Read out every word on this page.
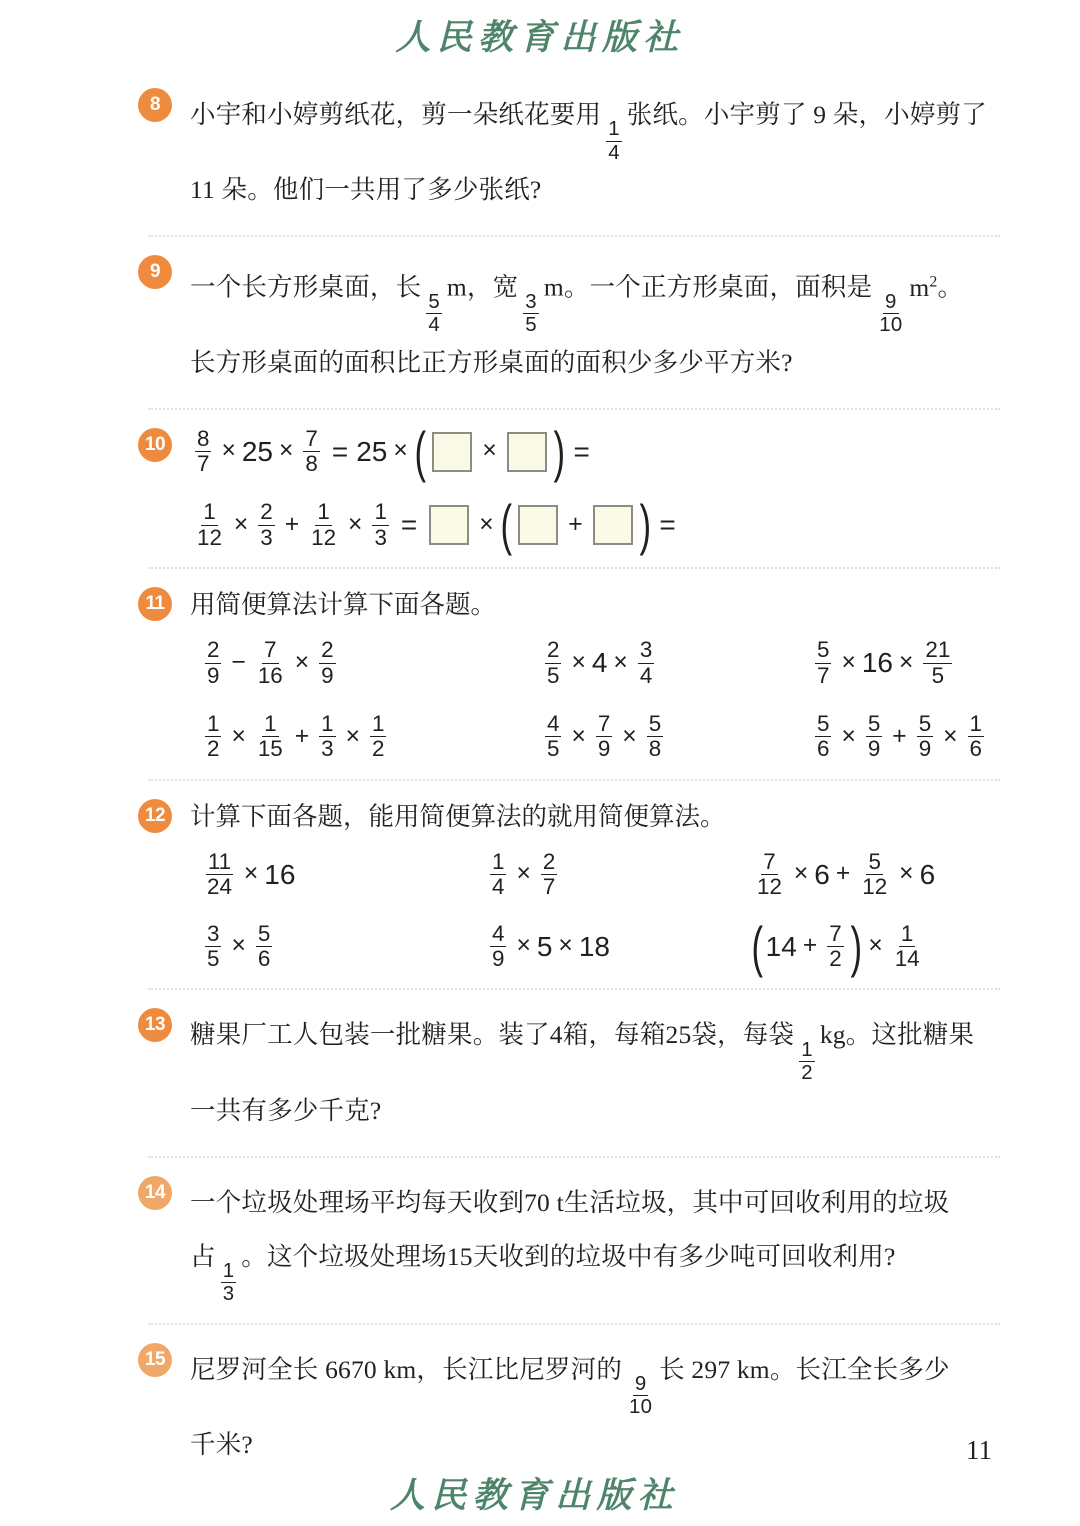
人民教育出版社
8	小宇和小婷剪纸花，剪一朵纸花要用
$\frac{1}{4}$
张纸。小宇剪了 9 朵，小婷剪了
11 朵。他们一共用了多少张纸?
9
一个长方形桌面，长
$\frac{5}{4}$
m，宽
$\frac{3}{5}$
m。一个正方形桌面，面积是
$\frac{9}{10}$
$m^2$。
长方形桌面的面积比正方形桌面的面积少多少平方米?
10	$\frac{8}{7} \times 25 \times \frac{7}{8} = 25$ × ( × ) =
$\frac{1}{12} \times \frac{2}{3} + \frac{1}{12} \times \frac{1}{3}$ =	× ( + ) =
11 用简便算法计算下面各题。
$\frac{2}{9} - \frac{7}{16} \times \frac{2}{9}$	$\frac{2}{5} \times 4 \times \frac{3}{4}$	$\frac{5}{7} \times 16 \times \frac{21}{5}$
$\frac{1}{2} \times \frac{1}{15} + \frac{1}{3} \times \frac{1}{2}$	$\frac{4}{5} \times \frac{7}{9} \times \frac{5}{8}$	$\frac{5}{6} \times \frac{5}{9} + \frac{5}{9} \times \frac{1}{6}$
12 计算下面各题，能用简便算法的就用简便算法。
$\frac{11}{24} \times 16$	$\frac{1}{4} \times \frac{2}{7}$	$\frac{7}{12} \times 6 + \frac{5}{12} \times 6$
$\frac{3}{5} \times \frac{5}{6}$	$\frac{4}{9} \times 5 \times 18$	( $14 + \frac{7}{2}$ ) × $\frac{1}{14}$
13 糖果厂工人包装一批糖果。装了4箱，每箱25袋，每袋
$\frac{1}{2}$
kg。这批糖果
一共有多少千克?
14 一个垃圾处理场平均每天收到70 t生活垃圾，其中可回收利用的垃圾
占
$\frac{1}{3}$
。这个垃圾处理场15天收到的垃圾中有多少吨可回收利用?
15 尼罗河全长 6670 km，长江比尼罗河的
$\frac{9}{10}$
长 297 km。长江全长多少
千米?
人民教育出版社
11
